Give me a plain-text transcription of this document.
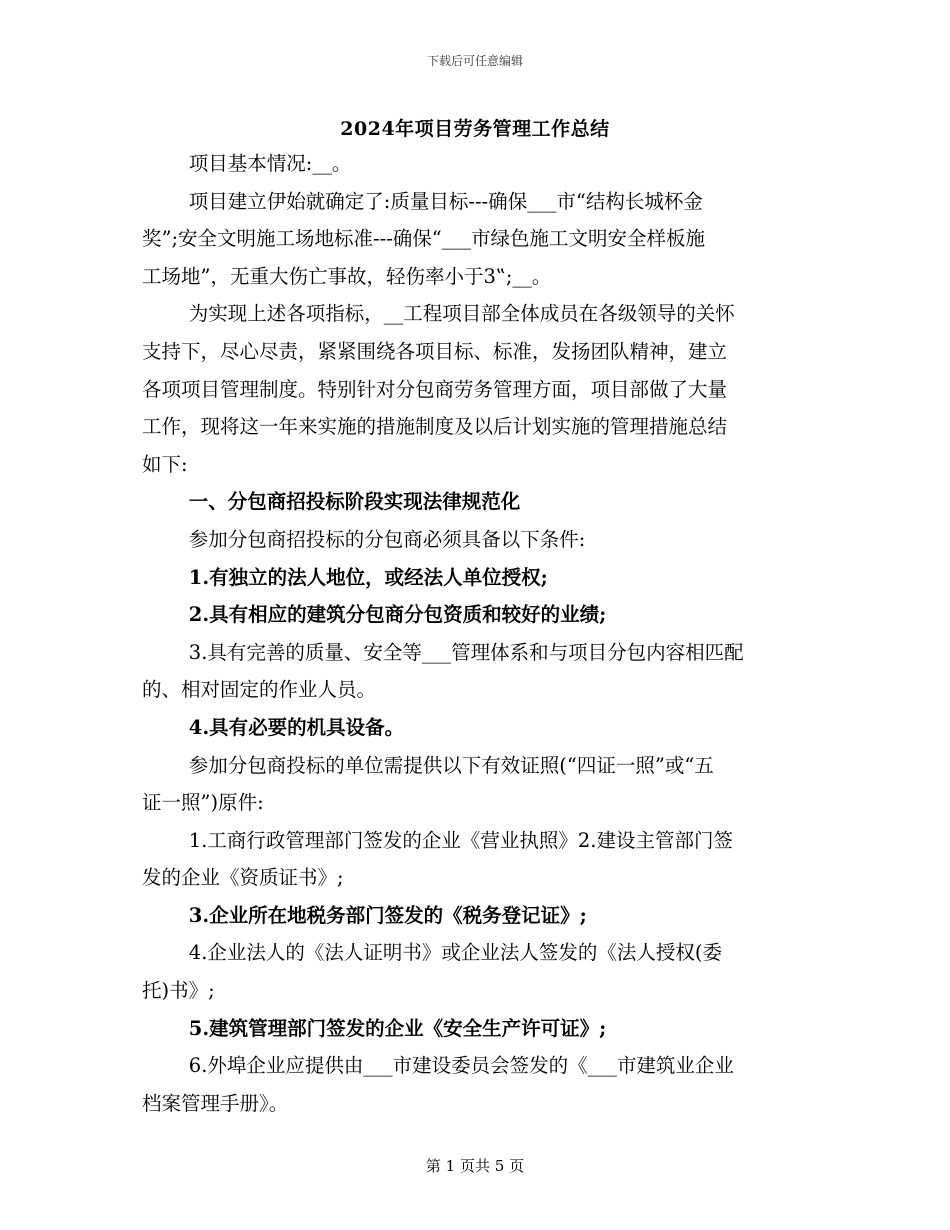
下载后可任意编辑
2024年项目劳务管理工作总结

项目基本情况:__。

项目建立伊始就确定了:质量目标---确保___市“结构长城杯金
奖”;安全文明施工场地标准---确保“___市绿色施工文明安全样板施
工场地”，无重大伤亡事故，轻伤率小于3‟;__。

为实现上述各项指标，__工程项目部全体成员在各级领导的关怀
支持下，尽心尽责，紧紧围绕各项目标、标准，发扬团队精神，建立
各项项目管理制度。特别针对分包商劳务管理方面，项目部做了大量
工作，现将这一年来实施的措施制度及以后计划实施的管理措施总结
如下:

一、分包商招投标阶段实现法律规范化

参加分包商招投标的分包商必须具备以下条件:

1.有独立的法人地位，或经法人单位授权;

2.具有相应的建筑分包商分包资质和较好的业绩;

3.具有完善的质量、安全等___管理体系和与项目分包内容相匹配
的、相对固定的作业人员。

4.具有必要的机具设备。

参加分包商投标的单位需提供以下有效证照(“四证一照”或“五
证一照”)原件:

1.工商行政管理部门签发的企业《营业执照》2.建设主管部门签
发的企业《资质证书》;

3.企业所在地税务部门签发的《税务登记证》;

4.企业法人的《法人证明书》或企业法人签发的《法人授权(委
托)书》;

5.建筑管理部门签发的企业《安全生产许可证》;

6.外埠企业应提供由___市建设委员会签发的《___市建筑业企业
档案管理手册》。

第 1 页共 5 页
